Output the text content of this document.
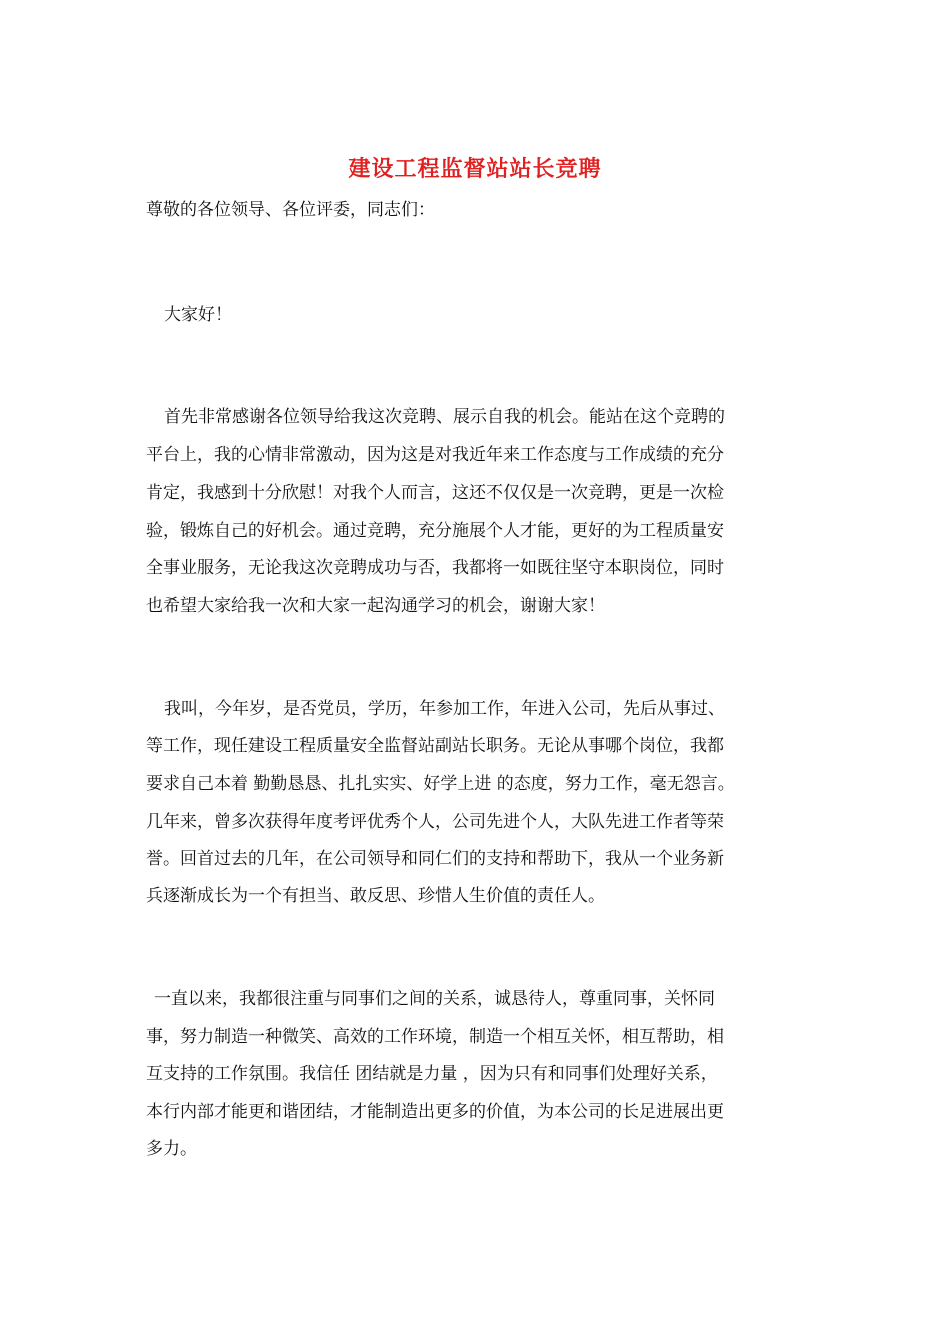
建设工程监督站站长竞聘
尊敬的各位领导、各位评委，同志们：
大家好！
首先非常感谢各位领导给我这次竞聘、展示自我的机会。能站在这个竞聘的
平台上，我的心情非常激动，因为这是对我近年来工作态度与工作成绩的充分
肯定，我感到十分欣慰！对我个人而言，这还不仅仅是一次竞聘，更是一次检
验，锻炼自己的好机会。通过竞聘，充分施展个人才能，更好的为工程质量安
全事业服务，无论我这次竞聘成功与否，我都将一如既往坚守本职岗位，同时
也希望大家给我一次和大家一起沟通学习的机会，谢谢大家！
我叫，今年岁，是否党员，学历，年参加工作，年进入公司，先后从事过、
等工作，现任建设工程质量安全监督站副站长职务。无论从事哪个岗位，我都
要求自己本着 勤勤恳恳、扎扎实实、好学上进 的态度，努力工作，毫无怨言。
几年来，曾多次获得年度考评优秀个人，公司先进个人，大队先进工作者等荣
誉。回首过去的几年，在公司领导和同仁们的支持和帮助下，我从一个业务新
兵逐渐成长为一个有担当、敢反思、珍惜人生价值的责任人。
一直以来，我都很注重与同事们之间的关系，诚恳待人，尊重同事，关怀同
事，努力制造一种微笑、高效的工作环境，制造一个相互关怀，相互帮助，相
互支持的工作氛围。我信任 团结就是力量 ，因为只有和同事们处理好关系，
本行内部才能更和谐团结，才能制造出更多的价值，为本公司的长足进展出更
多力。
